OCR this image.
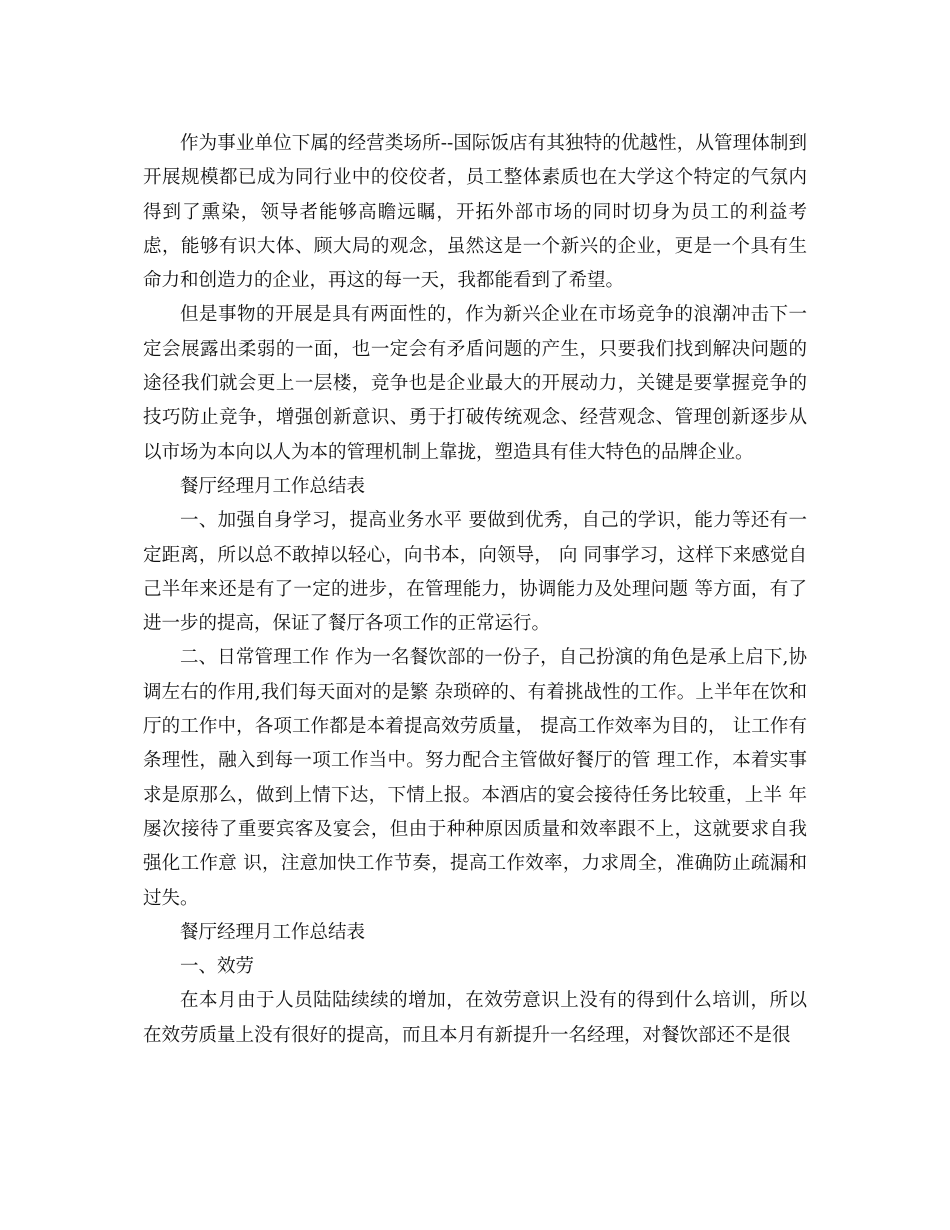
作为事业单位下属的经营类场所--国际饭店有其独特的优越性，从管理体制到开展规模都已成为同行业中的佼佼者，员工整体素质也在大学这个特定的气氛内得到了熏染，领导者能够高瞻远瞩，开拓外部市场的同时切身为员工的利益考虑，能够有识大体、顾大局的观念，虽然这是一个新兴的企业，更是一个具有生命力和创造力的企业，再这的每一天，我都能看到了希望。

但是事物的开展是具有两面性的，作为新兴企业在市场竞争的浪潮冲击下一定会展露出柔弱的一面，也一定会有矛盾问题的产生，只要我们找到解决问题的途径我们就会更上一层楼，竞争也是企业最大的开展动力，关键是要掌握竞争的技巧防止竞争，增强创新意识、勇于打破传统观念、经营观念、管理创新逐步从以市场为本向以人为本的管理机制上靠拢，塑造具有佳大特色的品牌企业。

餐厅经理月工作总结表

一、加强自身学习，提高业务水平 要做到优秀，自己的学识，能力等还有一定距离，所以总不敢掉以轻心，向书本，向领导， 向 同事学习，这样下来感觉自己半年来还是有了一定的进步，在管理能力，协调能力及处理问题 等方面，有了进一步的提高，保证了餐厅各项工作的正常运行。

二、日常管理工作 作为一名餐饮部的一份子，自己扮演的角色是承上启下,协调左右的作用,我们每天面对的是繁 杂琐碎的、有着挑战性的工作。上半年在饮和厅的工作中，各项工作都是本着提高效劳质量， 提高工作效率为目的， 让工作有条理性，融入到每一项工作当中。努力配合主管做好餐厅的管 理工作，本着实事求是原那么，做到上情下达，下情上报。本酒店的宴会接待任务比较重，上半 年屡次接待了重要宾客及宴会，但由于种种原因质量和效率跟不上，这就要求自我强化工作意 识，注意加快工作节奏，提高工作效率，力求周全，准确防止疏漏和过失。

餐厅经理月工作总结表

一、效劳

在本月由于人员陆陆续续的增加，在效劳意识上没有的得到什么培训，所以在效劳质量上没有很好的提高，而且本月有新提升一名经理，对餐饮部还不是很
